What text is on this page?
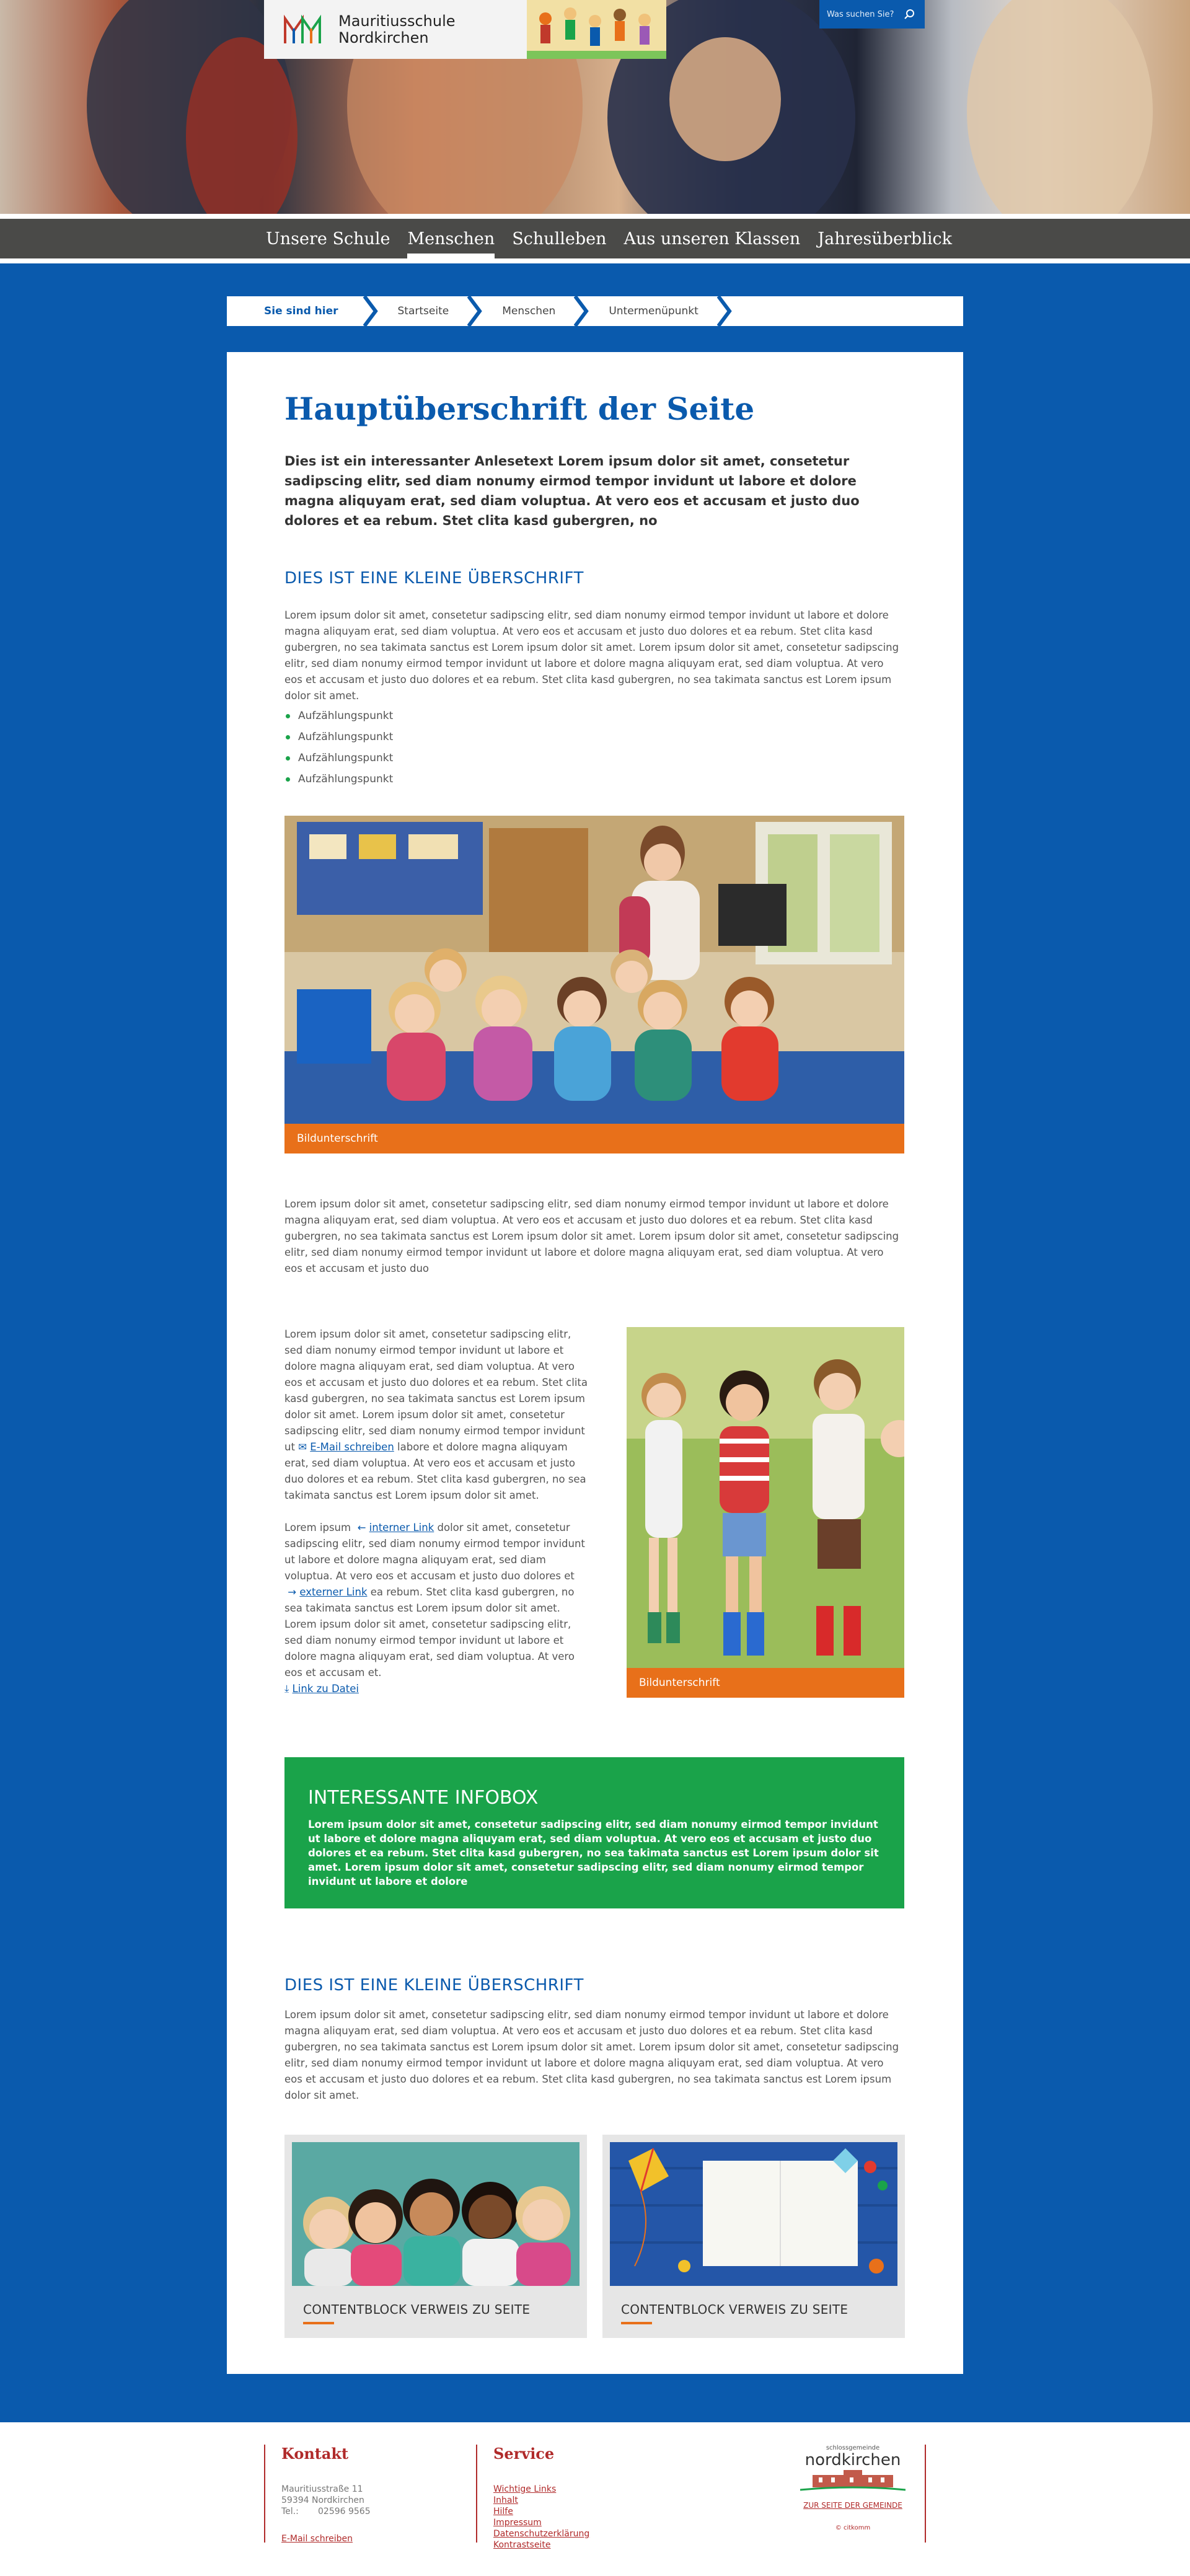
Mauritiusschule
Nordkirchen
Was suchen Sie?
Unsere Schule	Menschen	Schulleben	Aus unseren Klassen	Jahresüberblick
Sie sind hier	Startseite	Menschen	Untermenüpunkt
Hauptüberschrift der Seite

Dies ist ein interessanter Anlesetext Lorem ipsum dolor sit amet, consetetur sadipscing elitr, sed diam nonumy eirmod tempor invidunt ut labore et dolore magna aliquyam erat, sed diam voluptua. At vero eos et accusam et justo duo dolores et ea rebum. Stet clita kasd gubergren, no

DIES IST EINE KLEINE ÜBERSCHRIFT

Lorem ipsum dolor sit amet, consetetur sadipscing elitr, sed diam nonumy eirmod tempor invidunt ut labore et dolore magna aliquyam erat, sed diam voluptua. At vero eos et accusam et justo duo dolores et ea rebum. Stet clita kasd gubergren, no sea takimata sanctus est Lorem ipsum dolor sit amet. Lorem ipsum dolor sit amet, consetetur sadipscing elitr, sed diam nonumy eirmod tempor invidunt ut labore et dolore magna aliquyam erat, sed diam voluptua. At vero eos et accusam et justo duo dolores et ea rebum. Stet clita kasd gubergren, no sea takimata sanctus est Lorem ipsum dolor sit amet.

Aufzählungspunkt
Aufzählungspunkt
Aufzählungspunkt
Aufzählungspunkt
Bildunterschrift

Lorem ipsum dolor sit amet, consetetur sadipscing elitr, sed diam nonumy eirmod tempor invidunt ut labore et dolore magna aliquyam erat, sed diam voluptua. At vero eos et accusam et justo duo dolores et ea rebum. Stet clita kasd gubergren, no sea takimata sanctus est Lorem ipsum dolor sit amet. Lorem ipsum dolor sit amet, consetetur sadipscing elitr, sed diam nonumy eirmod tempor invidunt ut labore et dolore magna aliquyam erat, sed diam voluptua. At vero eos et accusam et justo duo

Lorem ipsum dolor sit amet, consetetur sadipscing elitr, sed diam nonumy eirmod tempor invidunt ut labore et dolore magna aliquyam erat, sed diam voluptua. At vero eos et accusam et justo duo dolores et ea rebum. Stet clita kasd gubergren, no sea takimata sanctus est Lorem ipsum dolor sit amet. Lorem ipsum dolor sit amet, consetetur sadipscing elitr, sed diam nonumy eirmod tempor invidunt ut ✉ E-Mail schreiben labore et dolore magna aliquyam erat, sed diam voluptua. At vero eos et accusam et justo duo dolores et ea rebum. Stet clita kasd gubergren, no sea takimata sanctus est Lorem ipsum dolor sit amet.

Lorem ipsum  ← interner Link dolor sit amet, consetetur sadipscing elitr, sed diam nonumy eirmod tempor invidunt ut labore et dolore magna aliquyam erat, sed diam voluptua. At vero eos et accusam et justo duo dolores et  → externer Link ea rebum. Stet clita kasd gubergren, no sea takimata sanctus est Lorem ipsum dolor sit amet. Lorem ipsum dolor sit amet, consetetur sadipscing elitr, sed diam nonumy eirmod tempor invidunt ut labore et dolore magna aliquyam erat, sed diam voluptua. At vero eos et accusam et.
⤓ Link zu Datei	Bildunterschrift
INTERESSANTE INFOBOX

Lorem ipsum dolor sit amet, consetetur sadipscing elitr, sed diam nonumy eirmod tempor invidunt ut labore et dolore magna aliquyam erat, sed diam voluptua. At vero eos et accusam et justo duo dolores et ea rebum. Stet clita kasd gubergren, no sea takimata sanctus est Lorem ipsum dolor sit amet. Lorem ipsum dolor sit amet, consetetur sadipscing elitr, sed diam nonumy eirmod tempor invidunt ut labore et dolore

DIES IST EINE KLEINE ÜBERSCHRIFT

Lorem ipsum dolor sit amet, consetetur sadipscing elitr, sed diam nonumy eirmod tempor invidunt ut labore et dolore magna aliquyam erat, sed diam voluptua. At vero eos et accusam et justo duo dolores et ea rebum. Stet clita kasd gubergren, no sea takimata sanctus est Lorem ipsum dolor sit amet. Lorem ipsum dolor sit amet, consetetur sadipscing elitr, sed diam nonumy eirmod tempor invidunt ut labore et dolore magna aliquyam erat, sed diam voluptua. At vero eos et accusam et justo duo dolores et ea rebum. Stet clita kasd gubergren, no sea takimata sanctus est Lorem ipsum dolor sit amet.

CONTENTBLOCK VERWEIS ZU SEITE	CONTENTBLOCK VERWEIS ZU SEITE
Kontakt

Mauritiusstraße 11

59394 Nordkirchen

Tel.: 02596 9565

E-Mail schreiben
Service
Wichtige Links
Inhalt
Hilfe
Impressum
Datenschutzerklärung
Kontrastseite
schlossgemeinde
nordkirchen
ZUR SEITE DER GEMEINDE
© citkomm
